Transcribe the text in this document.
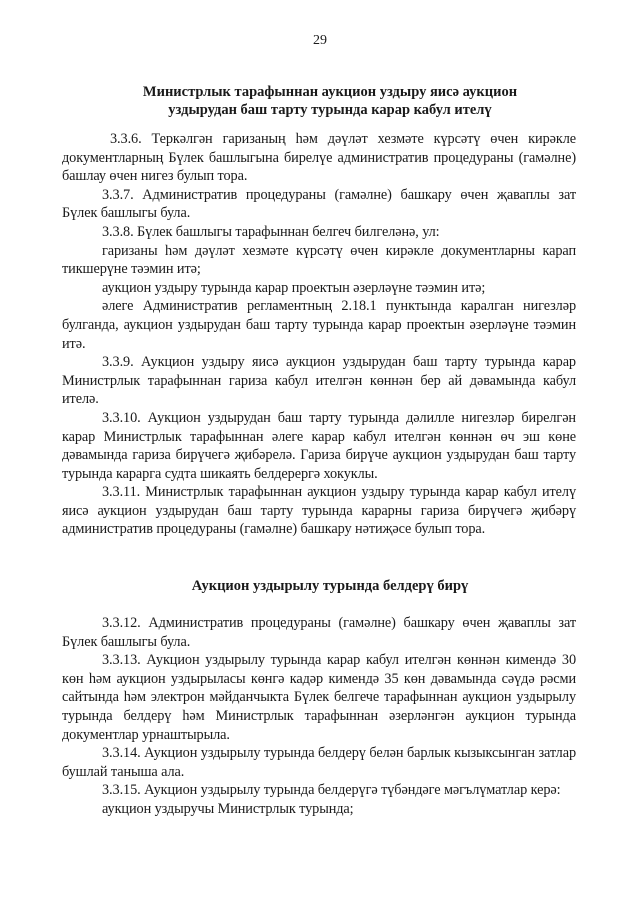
29
Министрлык тарафыннан аукцион уздыру яисә аукцион
уздырудан баш тарту турында карар кабул ителү

3.3.6. Теркәлгән гаризаның һәм дәүләт хезмәте күрсәтү өчен кирәкле документларның Бүлек башлыгына бирелүе административ процедураны (гамәлне) башлау өчен нигез булып тора.

3.3.7. Административ процедураны (гамәлне) башкару өчен җаваплы зат Бүлек башлыгы була.

3.3.8. Бүлек башлыгы тарафыннан белгеч билгеләнә, ул:

гаризаны һәм дәүләт хезмәте күрсәтү өчен кирәкле документларны карап тикшерүне тәэмин итә;

аукцион уздыру турында карар проектын әзерләүне тәэмин итә;

әлеге Административ регламентның 2.18.1 пунктында каралган нигезләр булганда, аукцион уздырудан баш тарту турында карар проектын әзерләүне тәэмин итә.

3.3.9. Аукцион уздыру яисә аукцион уздырудан баш тарту турында карар Министрлык тарафыннан гариза кабул ителгән көннән бер ай дәвамында кабул ителә.

3.3.10. Аукцион уздырудан баш тарту турында дәлилле нигезләр бирелгән карар Министрлык тарафыннан әлеге карар кабул ителгән көннән өч эш көне дәвамында гариза бирүчегә җибәрелә. Гариза бирүче аукцион уздырудан баш тарту турында карарга судта шикаять белдерергә хокуклы.

3.3.11. Министрлык тарафыннан аукцион уздыру турында карар кабул ителү яисә аукцион уздырудан баш тарту турында карарны гариза бирүчегә җибәрү административ процедураны (гамәлне) башкару нәтиҗәсе булып тора.

Аукцион уздырылу турында белдерү бирү

3.3.12. Административ процедураны (гамәлне) башкару өчен җаваплы зат Бүлек башлыгы була.

3.3.13. Аукцион уздырылу турында карар кабул ителгән көннән кимендә 30 көн һәм аукцион уздырыласы көнгә кадәр кимендә 35 көн дәвамында сәүдә рәсми сайтында һәм электрон мәйданчыкта Бүлек белгече тарафыннан аукцион уздырылу турында белдерү һәм Министрлык тарафыннан әзерләнгән аукцион турында документлар урнаштырыла.

3.3.14. Аукцион уздырылу турында белдерү белән барлык кызыксынган затлар бушлай таныша ала.

3.3.15. Аукцион уздырылу турында белдерүгә түбәндәге мәгълүматлар керә:

аукцион уздыручы Министрлык турында;
